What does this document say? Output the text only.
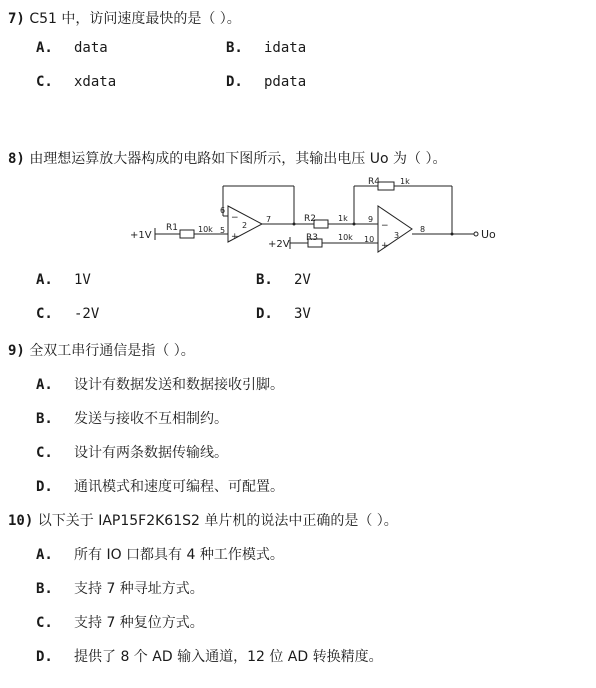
7) C51 中，访问速度最快的是（ ）。
A. data	B. idata
C. xdata	D. pdata
8) 由理想运算放大器构成的电路如下图所示，其输出电压 Uo 为（ ）。
+1V
R1	10k 5
6
7
−
+
2
R2	1k
R4	1k
+2V
R3	10k
9
10
8
−
+
3	Uo
A. 1V	B. 2V
C. -2V	D. 3V
9) 全双工串行通信是指（ ）。
A. 设计有数据发送和数据接收引脚。
B. 发送与接收不互相制约。
C. 设计有两条数据传输线。
D. 通讯模式和速度可编程、可配置。
10) 以下关于 IAP15F2K61S2 单片机的说法中正确的是（ ）。
A. 所有 IO 口都具有 4 种工作模式。
B. 支持 7 种寻址方式。
C. 支持 7 种复位方式。
D. 提供了 8 个 AD 输入通道，12 位 AD 转换精度。
